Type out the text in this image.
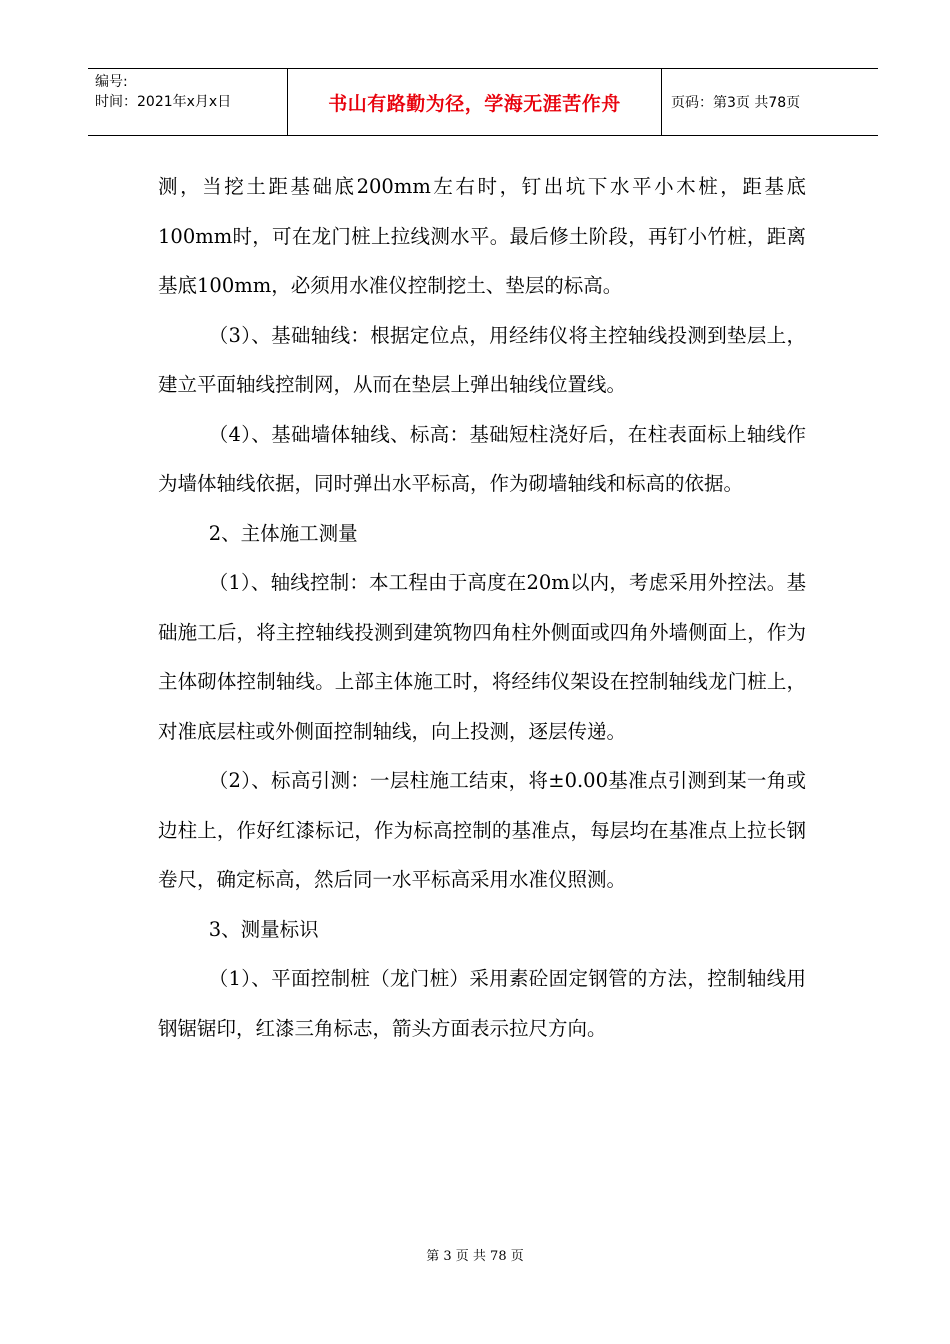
编号:
时间：2021年x月x日	书山有路勤为径，学海无涯苦作舟	页码：第3页 共78页

测，当挖土距基础底200mm左右时，钉出坑下水平小木桩，距基底100mm时，可在龙门桩上拉线测水平。最后修土阶段，再钉小竹桩，距离基底100mm，必须用水准仪控制挖土、垫层的标高。

（3）、基础轴线：根据定位点，用经纬仪将主控轴线投测到垫层上，建立平面轴线控制网，从而在垫层上弹出轴线位置线。

（4）、基础墙体轴线、标高：基础短柱浇好后，在柱表面标上轴线作为墙体轴线依据，同时弹出水平标高，作为砌墙轴线和标高的依据。

2、主体施工测量

（1）、轴线控制：本工程由于高度在20m以内，考虑采用外控法。基础施工后，将主控轴线投测到建筑物四角柱外侧面或四角外墙侧面上，作为主体砌体控制轴线。上部主体施工时，将经纬仪架设在控制轴线龙门桩上，对准底层柱或外侧面控制轴线，向上投测，逐层传递。

（2）、标高引测：一层柱施工结束，将±0.00基准点引测到某一角或边柱上，作好红漆标记，作为标高控制的基准点，每层均在基准点上拉长钢卷尺，确定标高，然后同一水平标高采用水准仪照测。

3、测量标识

（1）、平面控制桩（龙门桩）采用素砼固定钢管的方法，控制轴线用钢锯锯印，红漆三角标志，箭头方面表示拉尺方向。

第 3 页 共 78 页
